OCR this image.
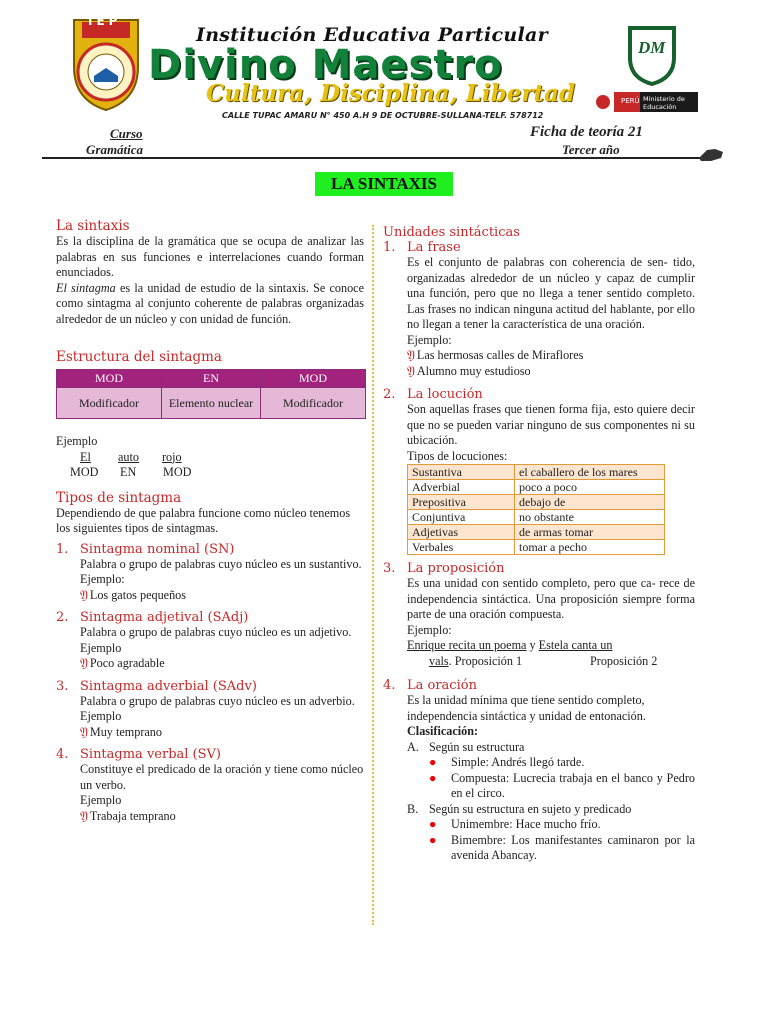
IEP
Institución Educativa Particular
Divino Maestro
Cultura, Disciplina, Libertad
CALLE TUPAC AMARU N° 450 A.H 9 DE OCTUBRE-SULLANA-TELF. 578712
DM
PERÚ Ministerio de Educación
Curso
Gramática
Ficha de teoría 21
Tercer año
LA SINTAXIS
La sintaxis
Es la disciplina de la gramática que se ocupa de analizar las palabras en sus funciones e interrelaciones cuando forman enunciados.
El sintagma es la unidad de estudio de la sintaxis. Se conoce como sintagma al conjunto coherente de palabras organizadas alrededor de un núcleo y con unidad de función.
Estructura del sintagma
MOD	EN	MOD
Modificador	Elemento nuclear	Modificador
Ejemplo
El auto rojo
MOD EN MOD
Tipos de sintagma
Dependiendo de que palabra funcione como núcleo tenemos los siguientes tipos de sintagmas.
1. Sintagma nominal (SN)
Palabra o grupo de palabras cuyo núcleo es un sustantivo.
Ejemplo:
𝔜 Los gatos pequeños
2. Sintagma adjetival (SAdj)
Palabra o grupo de palabras cuyo núcleo es un adjetivo.
Ejemplo
𝔜 Poco agradable
3. Sintagma adverbial (SAdv)
Palabra o grupo de palabras cuyo núcleo es un adverbio.
Ejemplo
𝔜 Muy temprano
4. Sintagma verbal (SV)
Constituye el predicado de la oración y tiene como núcleo un verbo.
Ejemplo
𝔜 Trabaja temprano
Unidades sintácticas
1. La frase
Es el conjunto de palabras con coherencia de sen- tido, organizadas alrededor de un núcleo y capaz de cumplir una función, pero que no llega a tener sentido completo. Las frases no indican ninguna actitud del hablante, por ello no llegan a tener la característica de una oración.
Ejemplo:
𝔜 Las hermosas calles de Miraflores
𝔜 Alumno muy estudioso
2. La locución
Son aquellas frases que tienen forma fija, esto quiere decir que no se pueden variar ninguno de sus componentes ni su ubicación.
Tipos de locuciones:
Sustantiva	el caballero de los mares
Adverbial	poco a poco
Prepositiva	debajo de
Conjuntiva	no obstante
Adjetivas	de armas tomar
Verbales	tomar a pecho
3. La proposición
Es una unidad con sentido completo, pero que ca- rece de independencia sintáctica. Una proposición siempre forma parte de una oración compuesta.
Ejemplo:
Enrique recita un poema y Estela canta un
vals. Proposición 1	Proposición 2
4. La oración
Es la unidad mínima que tiene sentido completo, independencia sintáctica y unidad de entonación.
Clasificación:
A. Según su estructura
●	Simple: Andrés llegó tarde.
●	Compuesta: Lucrecia trabaja en el banco y Pedro en el circo.
B. Según su estructura en sujeto y predicado
●	Unimembre: Hace mucho frío.
●	Bimembre: Los manifestantes caminaron por la avenida Abancay.
